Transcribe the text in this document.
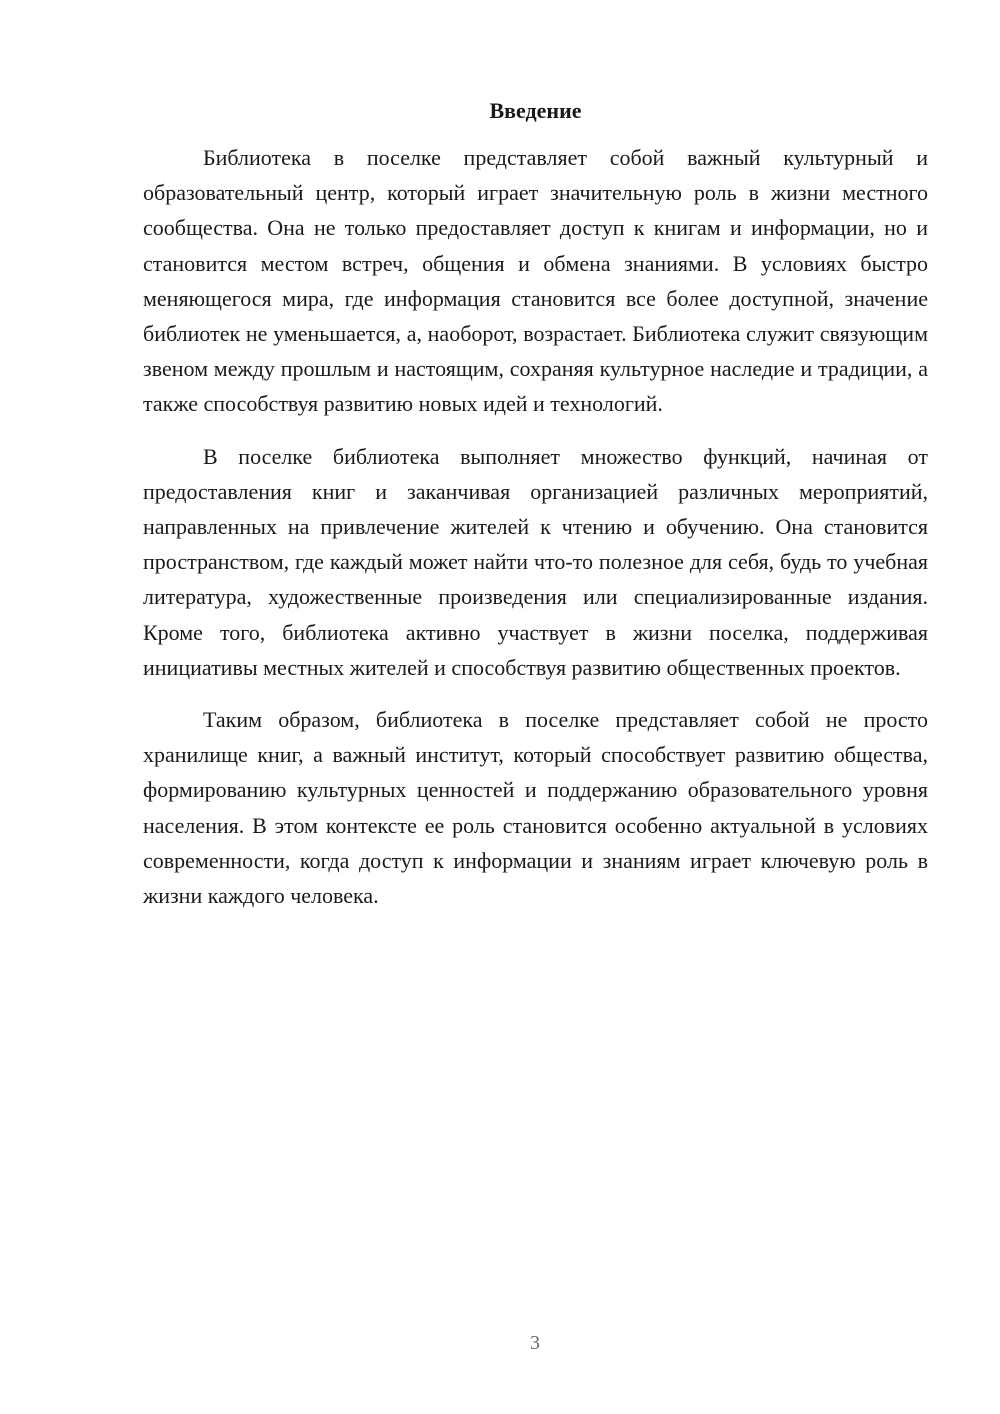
Введение

Библиотека в поселке представляет собой важный культурный и образовательный центр, который играет значительную роль в жизни местного сообщества. Она не только предоставляет доступ к книгам и информации, но и становится местом встреч, общения и обмена знаниями. В условиях быстро меняющегося мира, где информация становится все более доступной, значение библиотек не уменьшается, а, наоборот, возрастает. Библиотека служит связующим звеном между прошлым и настоящим, сохраняя культурное наследие и традиции, а также способствуя развитию новых идей и технологий.

В поселке библиотека выполняет множество функций, начиная от предоставления книг и заканчивая организацией различных мероприятий, направленных на привлечение жителей к чтению и обучению. Она становится пространством, где каждый может найти что-то полезное для себя, будь то учебная литература, художественные произведения или специализированные издания. Кроме того, библиотека активно участвует в жизни поселка, поддерживая инициативы местных жителей и способствуя развитию общественных проектов.

Таким образом, библиотека в поселке представляет собой не просто хранилище книг, а важный институт, который способствует развитию общества, формированию культурных ценностей и поддержанию образовательного уровня населения. В этом контексте ее роль становится особенно актуальной в условиях современности, когда доступ к информации и знаниям играет ключевую роль в жизни каждого человека.

3
